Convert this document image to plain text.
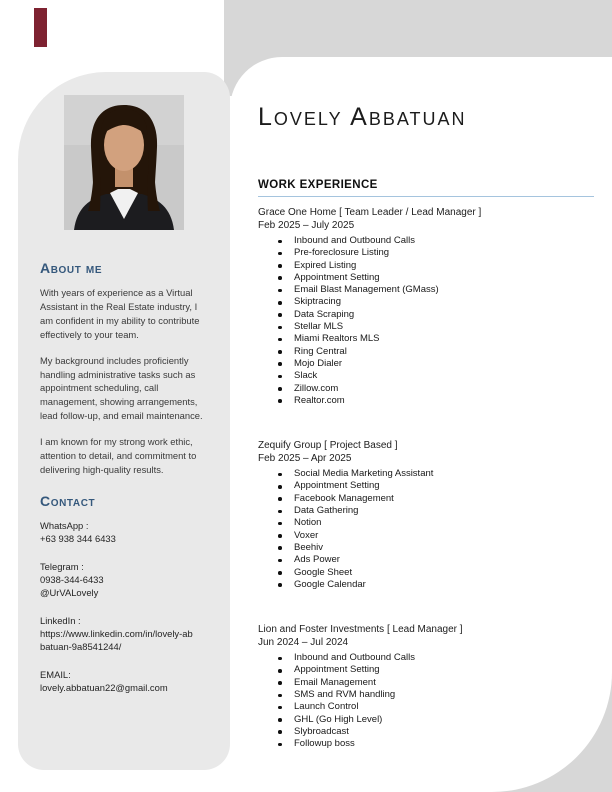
Lovely Abbatuan
WORK EXPERIENCE
Grace One Home [ Team Leader / Lead Manager ]
Feb 2025 – July 2025
Inbound and Outbound Calls
Pre-foreclosure Listing
Expired Listing
Appointment Setting
Email Blast Management (GMass)
Skiptracing
Data Scraping
Stellar MLS
Miami Realtors MLS
Ring Central
Mojo Dialer
Slack
Zillow.com
Realtor.com
Zequify Group [ Project Based ]
Feb 2025 – Apr 2025
Social Media Marketing Assistant
Appointment Setting
Facebook Management
Data Gathering
Notion
Voxer
Beehiv
Ads Power
Google Sheet
Google Calendar
Lion and Foster Investments [ Lead Manager ]
Jun 2024 – Jul 2024
Inbound and Outbound Calls
Appointment Setting
Email Management
SMS and RVM handling
Launch Control
GHL (Go High Level)
Slybroadcast
Followup boss
About me

With years of experience as a Virtual Assistant in the Real Estate industry, I am confident in my ability to contribute effectively to your team.

My background includes proficiently handling administrative tasks such as appointment scheduling, call management, showing arrangements, lead follow-up, and email maintenance.

I am known for my strong work ethic, attention to detail, and commitment to delivering high-quality results.

Contact
WhatsApp :
+63 938 344 6433
Telegram :
0938-344-6433
@UrVALovely
LinkedIn :
https://www.linkedin.com/in/lovely-ab
batuan-9a8541244/
EMAIL:
lovely.abbatuan22@gmail.com
